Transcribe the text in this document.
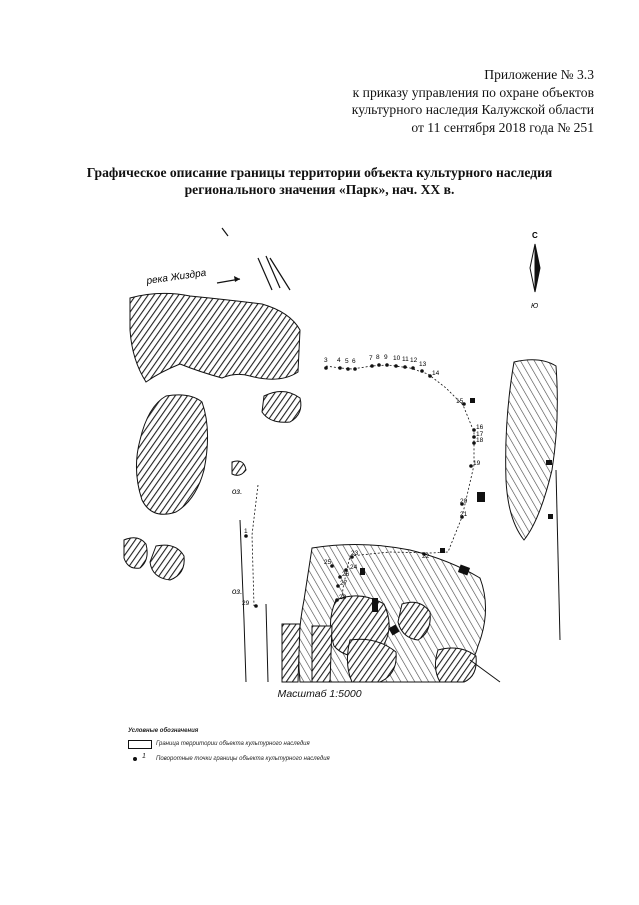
Приложение № 3.3
к приказу управления по охране объектов
культурного наследия Калужской области
от 11 сентября 2018 года № 251
Графическое описание границы территории объекта культурного наследия
регионального значения «Парк», нач. XX в.
река Жиздра
1
3 4 5 6 7 8 9 10 11 12
13
14
15
16
17
18
19
20
21
22
23
24
25
26
27
28
29
оз.
оз.
С
Ю
Масштаб 1:5000
Условные обозначения
Граница территории объекта культурного наследия
1 Поворотные точки границы объекта культурного наследия
